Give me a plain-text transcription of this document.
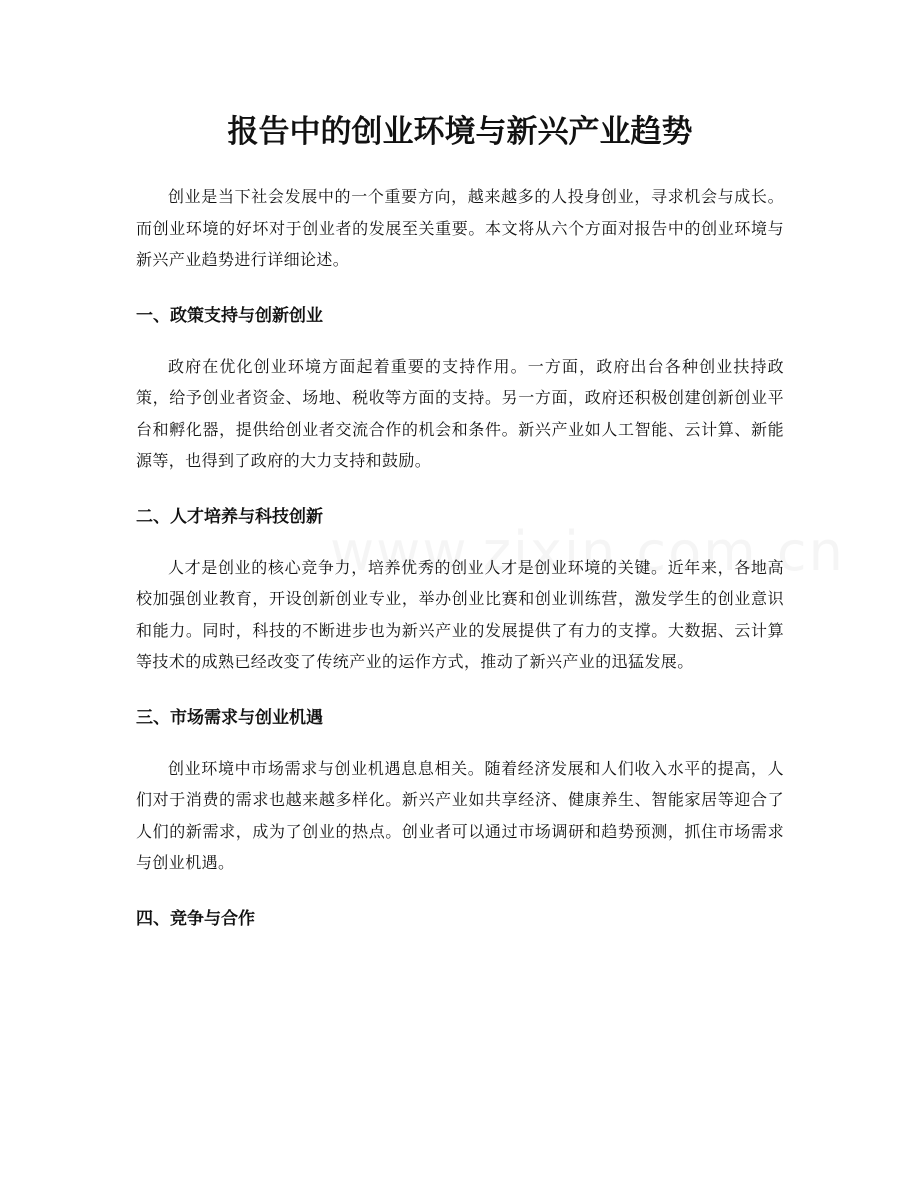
报告中的创业环境与新兴产业趋势

创业是当下社会发展中的一个重要方向，越来越多的人投身创业，寻求机会与成长。而创业环境的好坏对于创业者的发展至关重要。本文将从六个方面对报告中的创业环境与新兴产业趋势进行详细论述。

一、政策支持与创新创业

政府在优化创业环境方面起着重要的支持作用。一方面，政府出台各种创业扶持政策，给予创业者资金、场地、税收等方面的支持。另一方面，政府还积极创建创新创业平台和孵化器，提供给创业者交流合作的机会和条件。新兴产业如人工智能、云计算、新能源等，也得到了政府的大力支持和鼓励。

二、人才培养与科技创新

人才是创业的核心竞争力，培养优秀的创业人才是创业环境的关键。近年来，各地高校加强创业教育，开设创新创业专业，举办创业比赛和创业训练营，激发学生的创业意识和能力。同时，科技的不断进步也为新兴产业的发展提供了有力的支撑。大数据、云计算等技术的成熟已经改变了传统产业的运作方式，推动了新兴产业的迅猛发展。

三、市场需求与创业机遇

创业环境中市场需求与创业机遇息息相关。随着经济发展和人们收入水平的提高，人们对于消费的需求也越来越多样化。新兴产业如共享经济、健康养生、智能家居等迎合了人们的新需求，成为了创业的热点。创业者可以通过市场调研和趋势预测，抓住市场需求与创业机遇。

四、竞争与合作
